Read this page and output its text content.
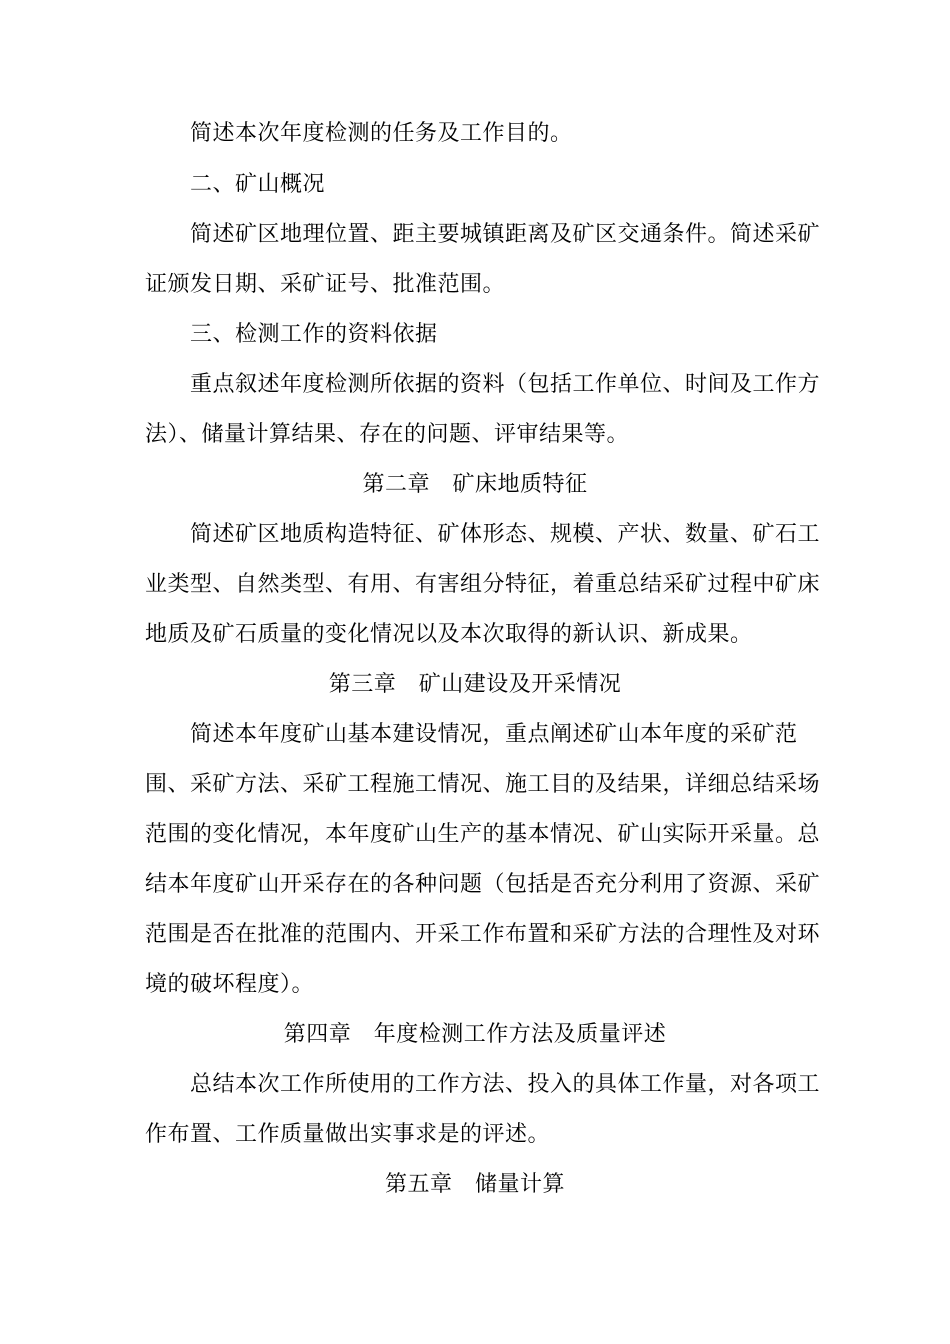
简述本次年度检测的任务及工作目的。
二、矿山概况
简述矿区地理位置、距主要城镇距离及矿区交通条件。简述采矿
证颁发日期、采矿证号、批准范围。
三、检测工作的资料依据
重点叙述年度检测所依据的资料（包括工作单位、时间及工作方
法）、储量计算结果、存在的问题、评审结果等。
第二章　矿床地质特征
简述矿区地质构造特征、矿体形态、规模、产状、数量、矿石工
业类型、自然类型、有用、有害组分特征，着重总结采矿过程中矿床
地质及矿石质量的变化情况以及本次取得的新认识、新成果。
第三章　矿山建设及开采情况
简述本年度矿山基本建设情况，重点阐述矿山本年度的采矿范
围、采矿方法、采矿工程施工情况、施工目的及结果，详细总结采场
范围的变化情况，本年度矿山生产的基本情况、矿山实际开采量。总
结本年度矿山开采存在的各种问题（包括是否充分利用了资源、采矿
范围是否在批准的范围内、开采工作布置和采矿方法的合理性及对环
境的破坏程度）。
第四章　年度检测工作方法及质量评述
总结本次工作所使用的工作方法、投入的具体工作量，对各项工
作布置、工作质量做出实事求是的评述。
第五章　储量计算
